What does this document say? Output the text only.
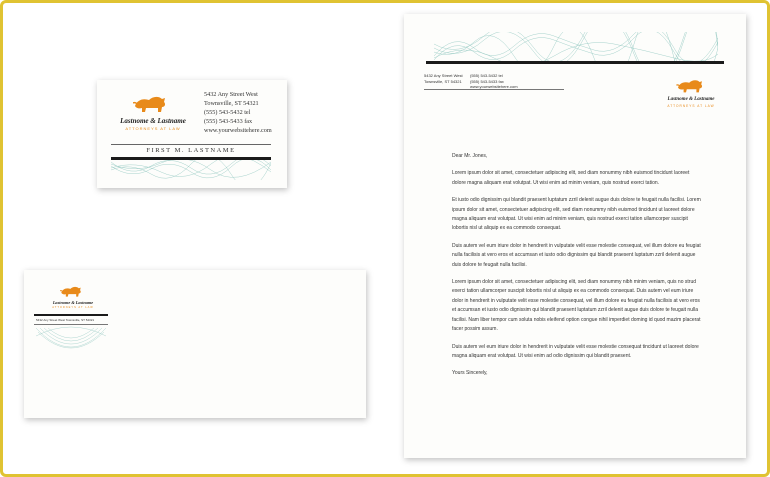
Lastnome & Lastname
ATTORNEYS AT LAW
5432 Any Street West
Townsville, ST 54321
(555) 543-5432 tel
(555) 543-5433 fax
www.yourwebsitehere.com
FIRST M. LASTNAME
Lastnome & Lastname
ATTORNEYS AT LAW
5432 Any Street West Townsville, ST 54321
5432 Any Street West
Townsville, ST 54321
(555) 543-5432 tel
(555) 543-5433 fax
www.yourwebsitehere.com
Lastnome & Lastname
ATTORNEYS AT LAW

Dear Mr. Jones,

Lorem ipsum dolor sit amet, consectetuer adipiscing elit, sed diam nonummy nibh euismod tincidunt laoreet dolore magna aliquam erat volutpat. Ut wisi enim ad minim veniam, quis nostrud exerci tation.

Et iusto odio dignissim qui blandit praesent luptatum zzril delenit augue duis dolore te feugait nulla facilisi. Lorem ipsum dolor sit amet, consectetuer adipiscing elit, sed diam nonummy nibh euismod tincidunt ut laoreet dolore magna aliquam erat volutpat. Ut wisi enim ad minim veniam, quis nostrud exerci tation ullamcorper suscipit lobortis nisl ut aliquip ex ea commodo consequat.

Duis autem vel eum iriure dolor in hendrerit in vulputate velit esse molestie consequat, vel illum dolore eu feugiat nulla facilisis at vero eros et accumsan et iusto odio dignissim qui blandit praesent luptatum zzril delenit augue duis dolore te feugait nulla facilisi.

Lorem ipsum dolor sit amet, consectetuer adipiscing elit, sed diam nonummy nibh minim veniam, quis no strud exerci tation ullamcorper suscipit lobortis nisl ut aliquip ex ea commodo consequat. Duis autem vel eum iriure dolor in hendrerit in vulputate velit esse molestie consequat, vel illum dolore eu feugiat nulla facilisis at vero eros et accumsan et iusto odio dignissim qui blandit praesent luptatum zzril delenit augue duis dolore te feugait nulla facilisi. Nam liber tempor cum soluta nobis eleifend option congue nihil imperdiet doming id quod mazim placerat facer possim assum.

Duis autem vel eum iriure dolor in hendrerit in vulputate velit esse molestie consequat tincidunt ut laoreet dolore magna aliquam erat volutpat. Ut wisi enim ad odio dignissim qui blandit praesent.

Yours Sincerely,
